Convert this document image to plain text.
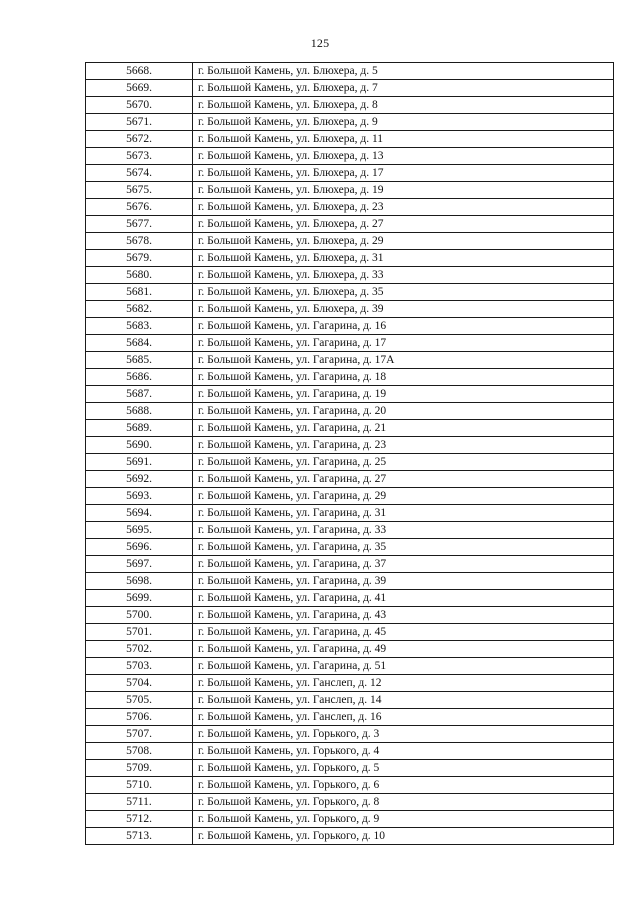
125
5668.	г. Большой Камень, ул. Блюхера, д. 5
5669.	г. Большой Камень, ул. Блюхера, д. 7
5670.	г. Большой Камень, ул. Блюхера, д. 8
5671.	г. Большой Камень, ул. Блюхера, д. 9
5672.	г. Большой Камень, ул. Блюхера, д. 11
5673.	г. Большой Камень, ул. Блюхера, д. 13
5674.	г. Большой Камень, ул. Блюхера, д. 17
5675.	г. Большой Камень, ул. Блюхера, д. 19
5676.	г. Большой Камень, ул. Блюхера, д. 23
5677.	г. Большой Камень, ул. Блюхера, д. 27
5678.	г. Большой Камень, ул. Блюхера, д. 29
5679.	г. Большой Камень, ул. Блюхера, д. 31
5680.	г. Большой Камень, ул. Блюхера, д. 33
5681.	г. Большой Камень, ул. Блюхера, д. 35
5682.	г. Большой Камень, ул. Блюхера, д. 39
5683.	г. Большой Камень, ул. Гагарина, д. 16
5684.	г. Большой Камень, ул. Гагарина, д. 17
5685.	г. Большой Камень, ул. Гагарина, д. 17А
5686.	г. Большой Камень, ул. Гагарина, д. 18
5687.	г. Большой Камень, ул. Гагарина, д. 19
5688.	г. Большой Камень, ул. Гагарина, д. 20
5689.	г. Большой Камень, ул. Гагарина, д. 21
5690.	г. Большой Камень, ул. Гагарина, д. 23
5691.	г. Большой Камень, ул. Гагарина, д. 25
5692.	г. Большой Камень, ул. Гагарина, д. 27
5693.	г. Большой Камень, ул. Гагарина, д. 29
5694.	г. Большой Камень, ул. Гагарина, д. 31
5695.	г. Большой Камень, ул. Гагарина, д. 33
5696.	г. Большой Камень, ул. Гагарина, д. 35
5697.	г. Большой Камень, ул. Гагарина, д. 37
5698.	г. Большой Камень, ул. Гагарина, д. 39
5699.	г. Большой Камень, ул. Гагарина, д. 41
5700.	г. Большой Камень, ул. Гагарина, д. 43
5701.	г. Большой Камень, ул. Гагарина, д. 45
5702.	г. Большой Камень, ул. Гагарина, д. 49
5703.	г. Большой Камень, ул. Гагарина, д. 51
5704.	г. Большой Камень, ул. Ганслеп, д. 12
5705.	г. Большой Камень, ул. Ганслеп, д. 14
5706.	г. Большой Камень, ул. Ганслеп, д. 16
5707.	г. Большой Камень, ул. Горького, д. 3
5708.	г. Большой Камень, ул. Горького, д. 4
5709.	г. Большой Камень, ул. Горького, д. 5
5710.	г. Большой Камень, ул. Горького, д. 6
5711.	г. Большой Камень, ул. Горького, д. 8
5712.	г. Большой Камень, ул. Горького, д. 9
5713.	г. Большой Камень, ул. Горького, д. 10
